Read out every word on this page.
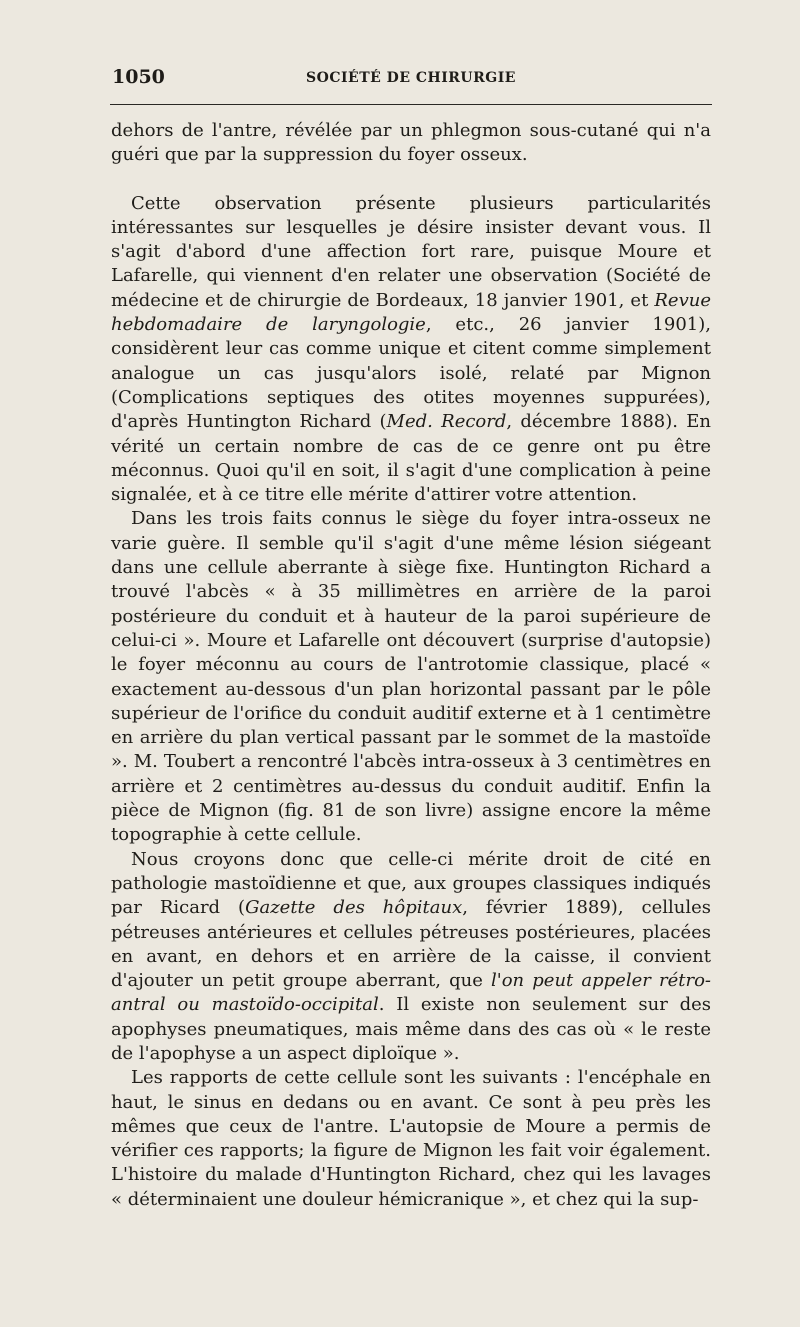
1050	SOCIÉTÉ DE CHIRURGIE

dehors de l'antre, révélée par un phlegmon sous-cutané qui n'a guéri que par la suppression du foyer osseux.

Cette observation présente plusieurs particularités intéressantes sur lesquelles je désire insister devant vous. Il s'agit d'abord d'une affection fort rare, puisque Moure et Lafarelle, qui viennent d'en relater une observation (Société de médecine et de chirurgie de Bordeaux, 18 janvier 1901, et Revue hebdomadaire de laryngologie, etc., 26 janvier 1901), considèrent leur cas comme unique et citent comme simplement analogue un cas jusqu'alors isolé, relaté par Mignon (Complications septiques des otites moyennes suppurées), d'après Huntington Richard (Med. Record, décembre 1888). En vérité un certain nombre de cas de ce genre ont pu être méconnus. Quoi qu'il en soit, il s'agit d'une complication à peine signalée, et à ce titre elle mérite d'attirer votre attention.

Dans les trois faits connus le siège du foyer intra-osseux ne varie guère. Il semble qu'il s'agit d'une même lésion siégeant dans une cellule aberrante à siège fixe. Huntington Richard a trouvé l'abcès « à 35 millimètres en arrière de la paroi postérieure du conduit et à hauteur de la paroi supérieure de celui-ci ». Moure et Lafarelle ont découvert (surprise d'autopsie) le foyer méconnu au cours de l'antrotomie classique, placé « exactement au-dessous d'un plan horizontal passant par le pôle supérieur de l'orifice du conduit auditif externe et à 1 centimètre en arrière du plan vertical passant par le sommet de la mastoïde ». M. Toubert a rencontré l'abcès intra-osseux à 3 centimètres en arrière et 2 centimètres au-dessus du conduit auditif. Enfin la pièce de Mignon (fig. 81 de son livre) assigne encore la même topographie à cette cellule.

Nous croyons donc que celle-ci mérite droit de cité en pathologie mastoïdienne et que, aux groupes classiques indiqués par Ricard (Gazette des hôpitaux, février 1889), cellules pétreuses antérieures et cellules pétreuses postérieures, placées en avant, en dehors et en arrière de la caisse, il convient d'ajouter un petit groupe aberrant, que l'on peut appeler rétro-antral ou mastoïdo-occipital. Il existe non seulement sur des apophyses pneumatiques, mais même dans des cas où « le reste de l'apophyse a un aspect diploïque ».

Les rapports de cette cellule sont les suivants : l'encéphale en haut, le sinus en dedans ou en avant. Ce sont à peu près les mêmes que ceux de l'antre. L'autopsie de Moure a permis de vérifier ces rapports; la figure de Mignon les fait voir également. L'histoire du malade d'Huntington Richard, chez qui les lavages « déterminaient une douleur hémicranique », et chez qui la sup-
